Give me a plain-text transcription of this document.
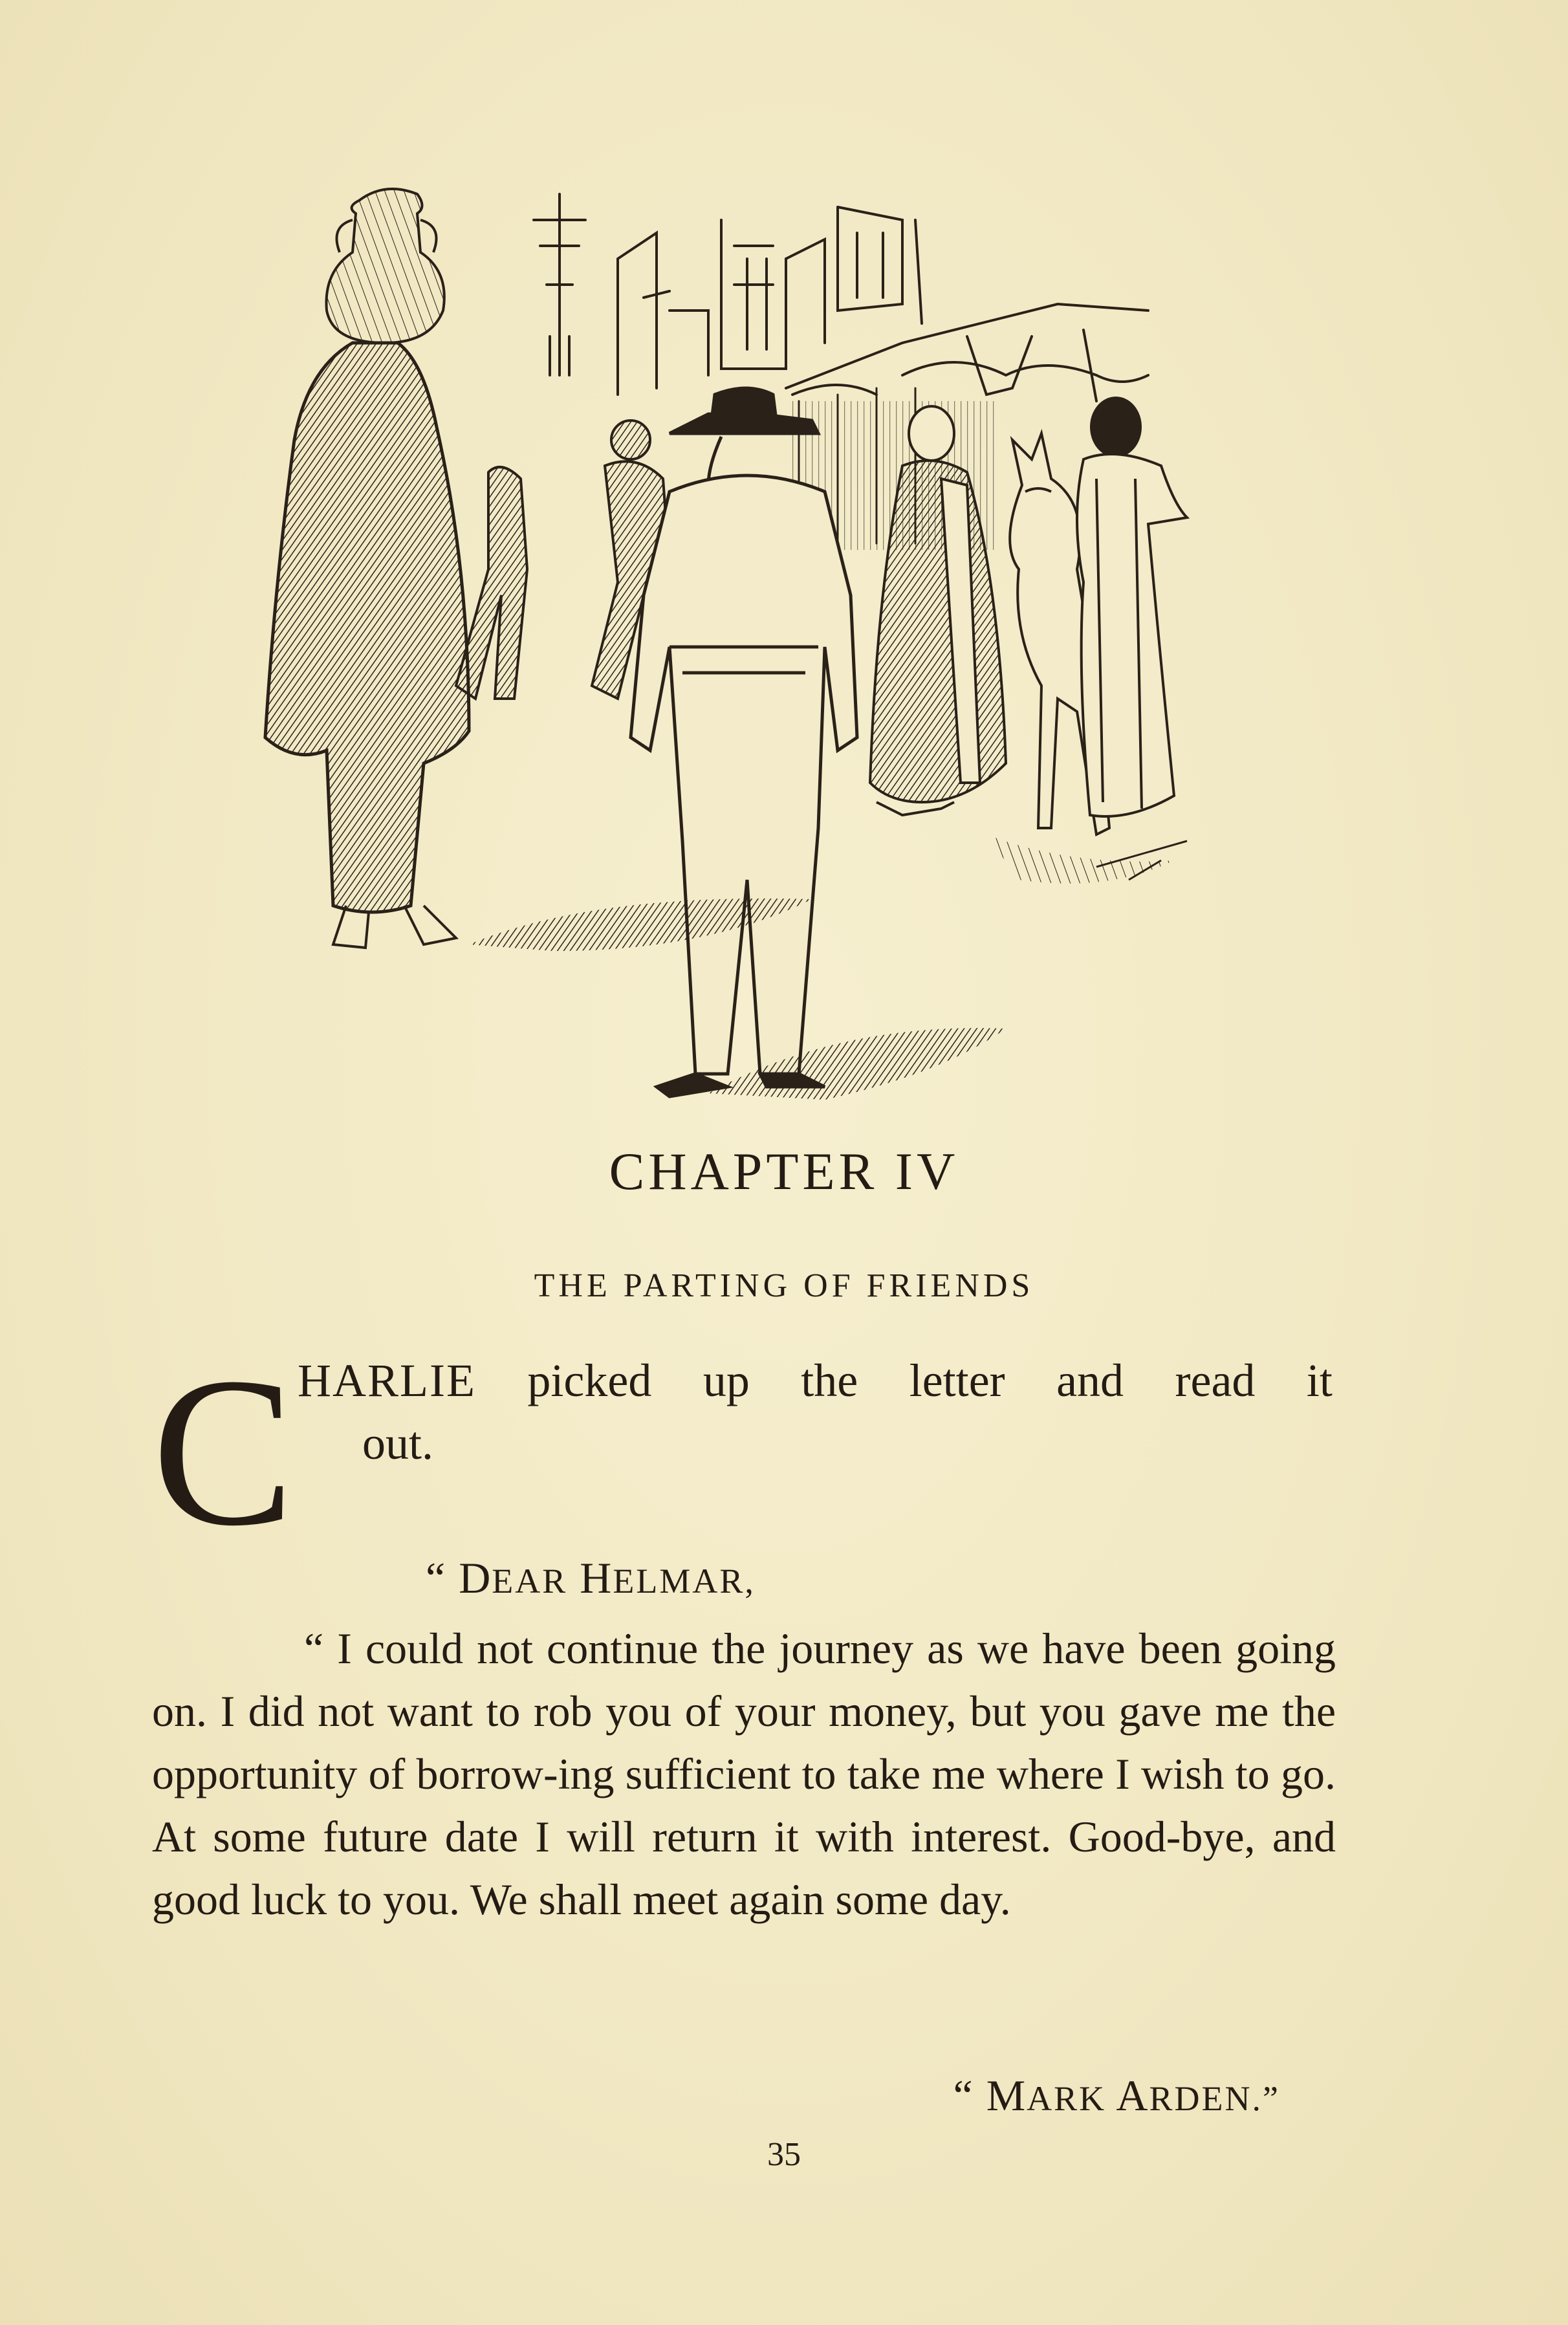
CHAPTER IV
THE PARTING OF FRIENDS
C HARLIE picked up the letter and read it
out.
“ DEAR HELMAR,

“ I could not continue the journey as we have been going on. I did not want to rob you of your money, but you gave me the opportunity of borrow-ing sufficient to take me where I wish to go. At some future date I will return it with interest. Good-bye, and good luck to you. We shall meet again some day.

“ MARK ARDEN.”
35
